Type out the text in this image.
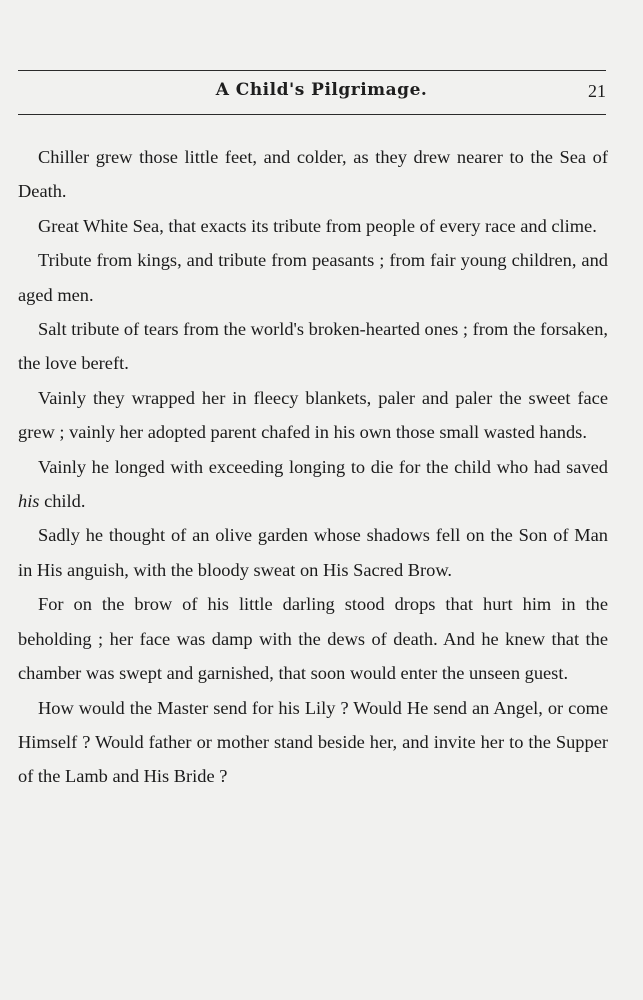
A Child's Pilgrimage.	21

Chiller grew those little feet, and colder, as they drew nearer to the Sea of Death.

Great White Sea, that exacts its tribute from people of every race and clime.

Tribute from kings, and tribute from peasants ; from fair young children, and aged men.

Salt tribute of tears from the world's broken-hearted ones ; from the forsaken, the love bereft.

Vainly they wrapped her in fleecy blankets, paler and paler the sweet face grew ; vainly her adopted parent chafed in his own those small wasted hands.

Vainly he longed with exceeding longing to die for the child who had saved his child.

Sadly he thought of an olive garden whose shadows fell on the Son of Man in His anguish, with the bloody sweat on His Sacred Brow.

For on the brow of his little darling stood drops that hurt him in the beholding ; her face was damp with the dews of death. And he knew that the chamber was swept and garnished, that soon would enter the unseen guest.

How would the Master send for his Lily ? Would He send an Angel, or come Himself ? Would father or mother stand beside her, and invite her to the Supper of the Lamb and His Bride ?
